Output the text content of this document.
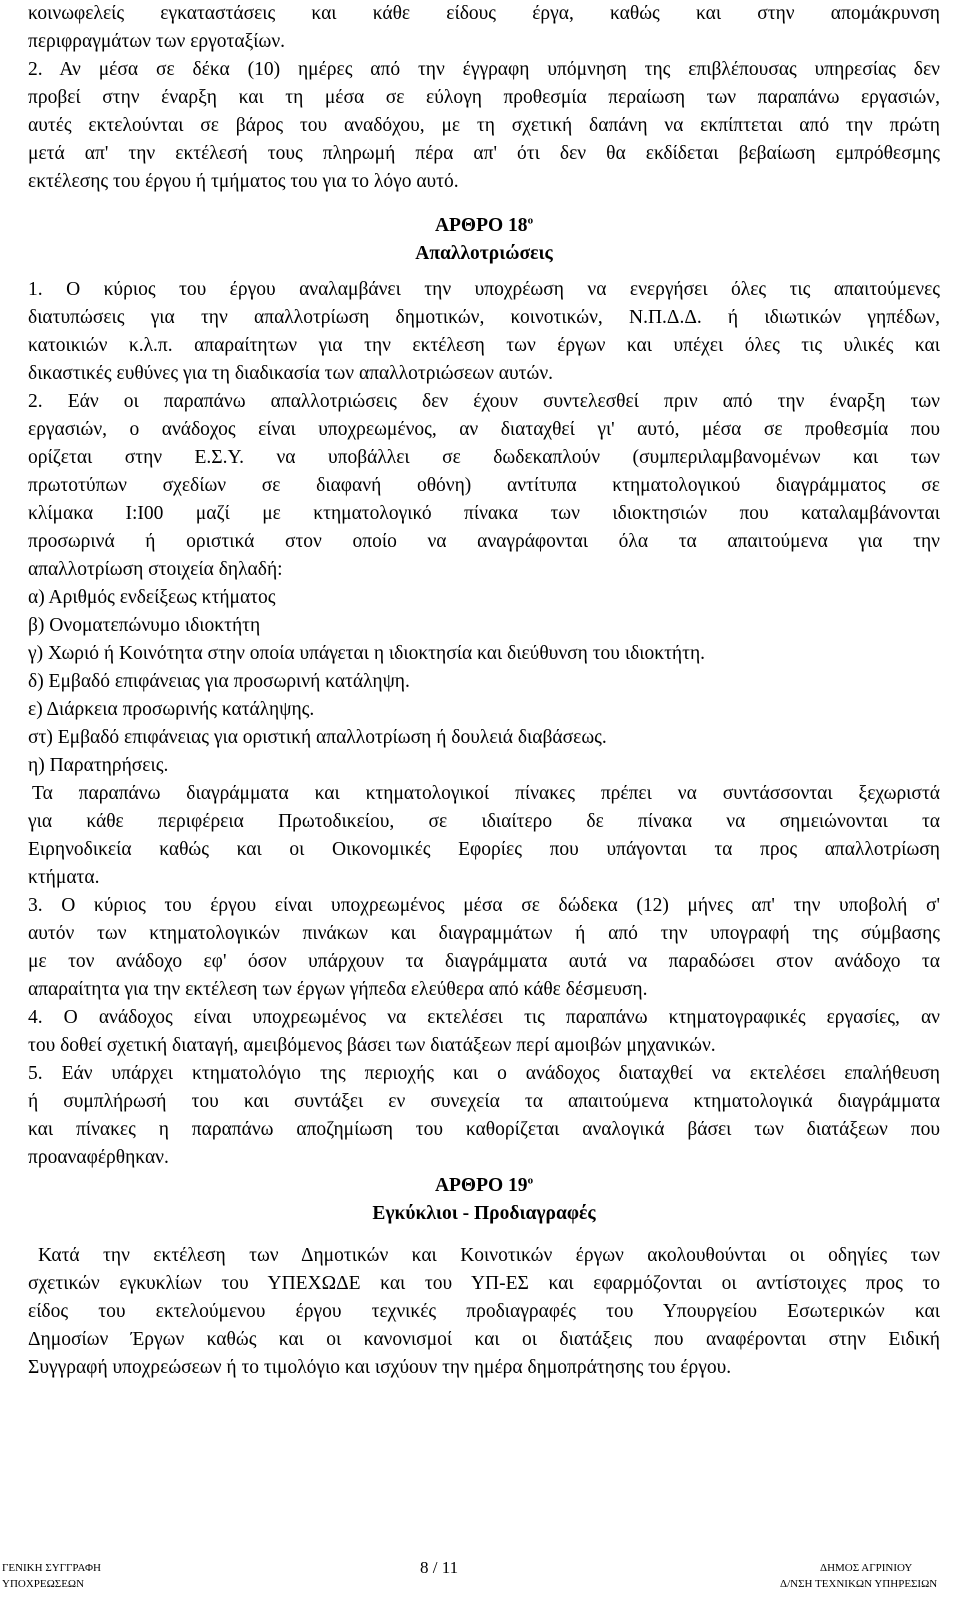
κοινωφελείς εγκαταστάσεις και κάθε είδους έργα, καθώς και στην απομάκρυνση
περιφραγμάτων των εργοταξίων.
2. Αν μέσα σε δέκα (10) ημέρες από την έγγραφη υπόμνηση της επιβλέπουσας υπηρεσίας δεν
προβεί στην έναρξη και τη μέσα σε εύλογη προθεσμία περαίωση των παραπάνω εργασιών,
αυτές εκτελούνται σε βάρος του αναδόχου, με τη σχετική δαπάνη να εκπίπτεται από την πρώτη
μετά απ' την εκτέλεσή τους πληρωμή πέρα απ' ότι δεν θα εκδίδεται βεβαίωση εμπρόθεσμης
εκτέλεσης του έργου ή τμήματος του για το λόγο αυτό.
ΑΡΘΡΟ $18^o$
Απαλλοτριώσεις
1. Ο κύριος του έργου αναλαμβάνει την υποχρέωση να ενεργήσει όλες τις απαιτούμενες
διατυπώσεις για την απαλλοτρίωση δημοτικών, κοινοτικών, Ν.Π.Δ.Δ. ή ιδιωτικών γηπέδων,
κατοικιών κ.λ.π. απαραίτητων για την εκτέλεση των έργων και υπέχει όλες τις υλικές και
δικαστικές ευθύνες για τη διαδικασία των απαλλοτριώσεων αυτών.
2. Εάν οι παραπάνω απαλλοτριώσεις δεν έχουν συντελεσθεί πριν από την έναρξη των
εργασιών, ο ανάδοχος είναι υποχρεωμένος, αν διαταχθεί γι' αυτό, μέσα σε προθεσμία που
ορίζεται στην Ε.Σ.Υ. να υποβάλλει σε δωδεκαπλούν (συμπεριλαμβανομένων και των
πρωτοτύπων σχεδίων σε διαφανή οθόνη) αντίτυπα κτηματολογικού διαγράμματος σε
κλίμακα Ι:Ι00 μαζί με κτηματολογικό πίνακα των ιδιοκτησιών που καταλαμβάνονται
προσωρινά ή οριστικά στον οποίο να αναγράφονται όλα τα απαιτούμενα για την
απαλλοτρίωση στοιχεία δηλαδή:
α) Αριθμός ενδείξεως κτήματος
β) Ονοματεπώνυμο ιδιοκτήτη
γ) Χωριό ή Κοινότητα στην οποία υπάγεται η ιδιοκτησία και διεύθυνση του ιδιοκτήτη.
δ) Εμβαδό επιφάνειας για προσωρινή κατάληψη.
ε) Διάρκεια προσωρινής κατάληψης.
στ) Εμβαδό επιφάνειας για οριστική απαλλοτρίωση ή δουλειά διαβάσεως.
η) Παρατηρήσεις.
Τα παραπάνω διαγράμματα και κτηματολογικοί πίνακες πρέπει να συντάσσονται ξεχωριστά
για κάθε περιφέρεια Πρωτοδικείου, σε ιδιαίτερο δε πίνακα να σημειώνονται τα
Ειρηνοδικεία καθώς και οι Οικονομικές Εφορίες που υπάγονται τα προς απαλλοτρίωση
κτήματα.
3. Ο κύριος του έργου είναι υποχρεωμένος μέσα σε δώδεκα (12) μήνες απ' την υποβολή σ'
αυτόν των κτηματολογικών πινάκων και διαγραμμάτων ή από την υπογραφή της σύμβασης
με τον ανάδοχο εφ' όσον υπάρχουν τα διαγράμματα αυτά να παραδώσει στον ανάδοχο τα
απαραίτητα για την εκτέλεση των έργων γήπεδα ελεύθερα από κάθε δέσμευση.
4. Ο ανάδοχος είναι υποχρεωμένος να εκτελέσει τις παραπάνω κτηματογραφικές εργασίες, αν
του δοθεί σχετική διαταγή, αμειβόμενος βάσει των διατάξεων περί αμοιβών μηχανικών.
5. Εάν υπάρχει κτηματολόγιο της περιοχής και ο ανάδοχος διαταχθεί να εκτελέσει επαλήθευση
ή συμπλήρωσή του και συντάξει εν συνεχεία τα απαιτούμενα κτηματολογικά διαγράμματα
και πίνακες η παραπάνω αποζημίωση του καθορίζεται αναλογικά βάσει των διατάξεων που
προαναφέρθηκαν.
ΑΡΘΡΟ $19^o$
Εγκύκλιοι - Προδιαγραφές
Κατά την εκτέλεση των Δημοτικών και Κοινοτικών έργων ακολουθούνται οι οδηγίες των
σχετικών εγκυκλίων του ΥΠΕΧΩΔΕ και του ΥΠ-ΕΣ και εφαρμόζονται οι αντίστοιχες προς το
είδος του εκτελούμενου έργου τεχνικές προδιαγραφές του Υπουργείου Εσωτερικών και
Δημοσίων Έργων καθώς και οι κανονισμοί και οι διατάξεις που αναφέρονται στην Ειδική
Συγγραφή υποχρεώσεων ή το τιμολόγιο και ισχύουν την ημέρα δημοπράτησης του έργου.
ΓΕΝΙΚΗ ΣΥΓΓΡΑΦΗ
ΥΠΟΧΡΕΩΣΕΩΝ
8 / 11	ΔΗΜΟΣ ΑΓΡΙΝΙΟΥ
Δ/ΝΣΗ ΤΕΧΝΙΚΩΝ ΥΠΗΡΕΣΙΩΝ
